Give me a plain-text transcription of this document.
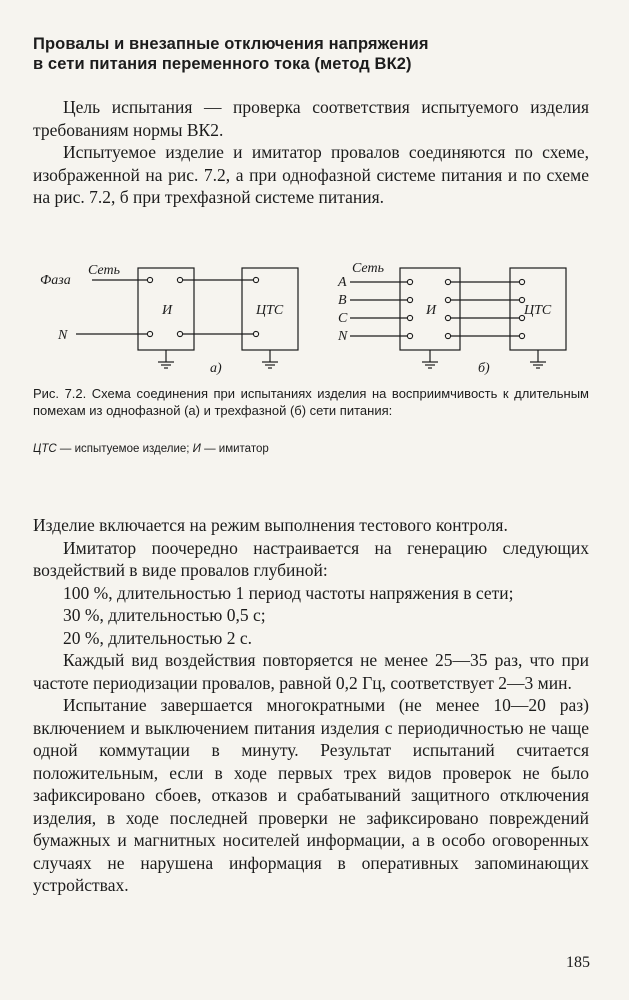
Провалы и внезапные отключения напряжения
в сети питания переменного тока (метод ВК2)

Цель испытания — проверка соответствия испытуемого изделия требованиям нормы ВК2.

Испытуемое изделие и имитатор провалов соединяются по схеме, изображенной на рис. 7.2, а при однофазной системе питания и по схеме на рис. 7.2, б при трехфазной системе питания.

Сеть
Фаза
N
И	ЦТС
а)
Сеть
A
B
C
N
И	ЦТС
б)
Рис. 7.2. Схема соединения при испытаниях изделия на восприимчивость к длительным помехам из однофазной (а) и трехфазной (б) сети питания:
ЦТС — испытуемое изделие; И — имитатор

Изделие включается на режим выполнения тестового контроля.

Имитатор поочередно настраивается на генерацию следующих воздействий в виде провалов глубиной:

100 %, длительностью 1 период частоты напряжения в сети;

30 %, длительностью 0,5 с;

20 %, длительностью 2 с.

Каждый вид воздействия повторяется не менее 25—35 раз, что при частоте периодизации провалов, равной 0,2 Гц, соответствует 2—3 мин.

Испытание завершается многократными (не менее 10—20 раз) включением и выключением питания изделия с периодичностью не чаще одной коммутации в минуту. Результат испытаний считается положительным, если в ходе первых трех видов проверок не было зафиксировано сбоев, отказов и срабатываний защитного отключения изделия, в ходе последней проверки не зафиксировано повреждений бумажных и магнитных носителей информации, а в особо оговоренных случаях не нарушена информация в оперативных запоминающих устройствах.

185
